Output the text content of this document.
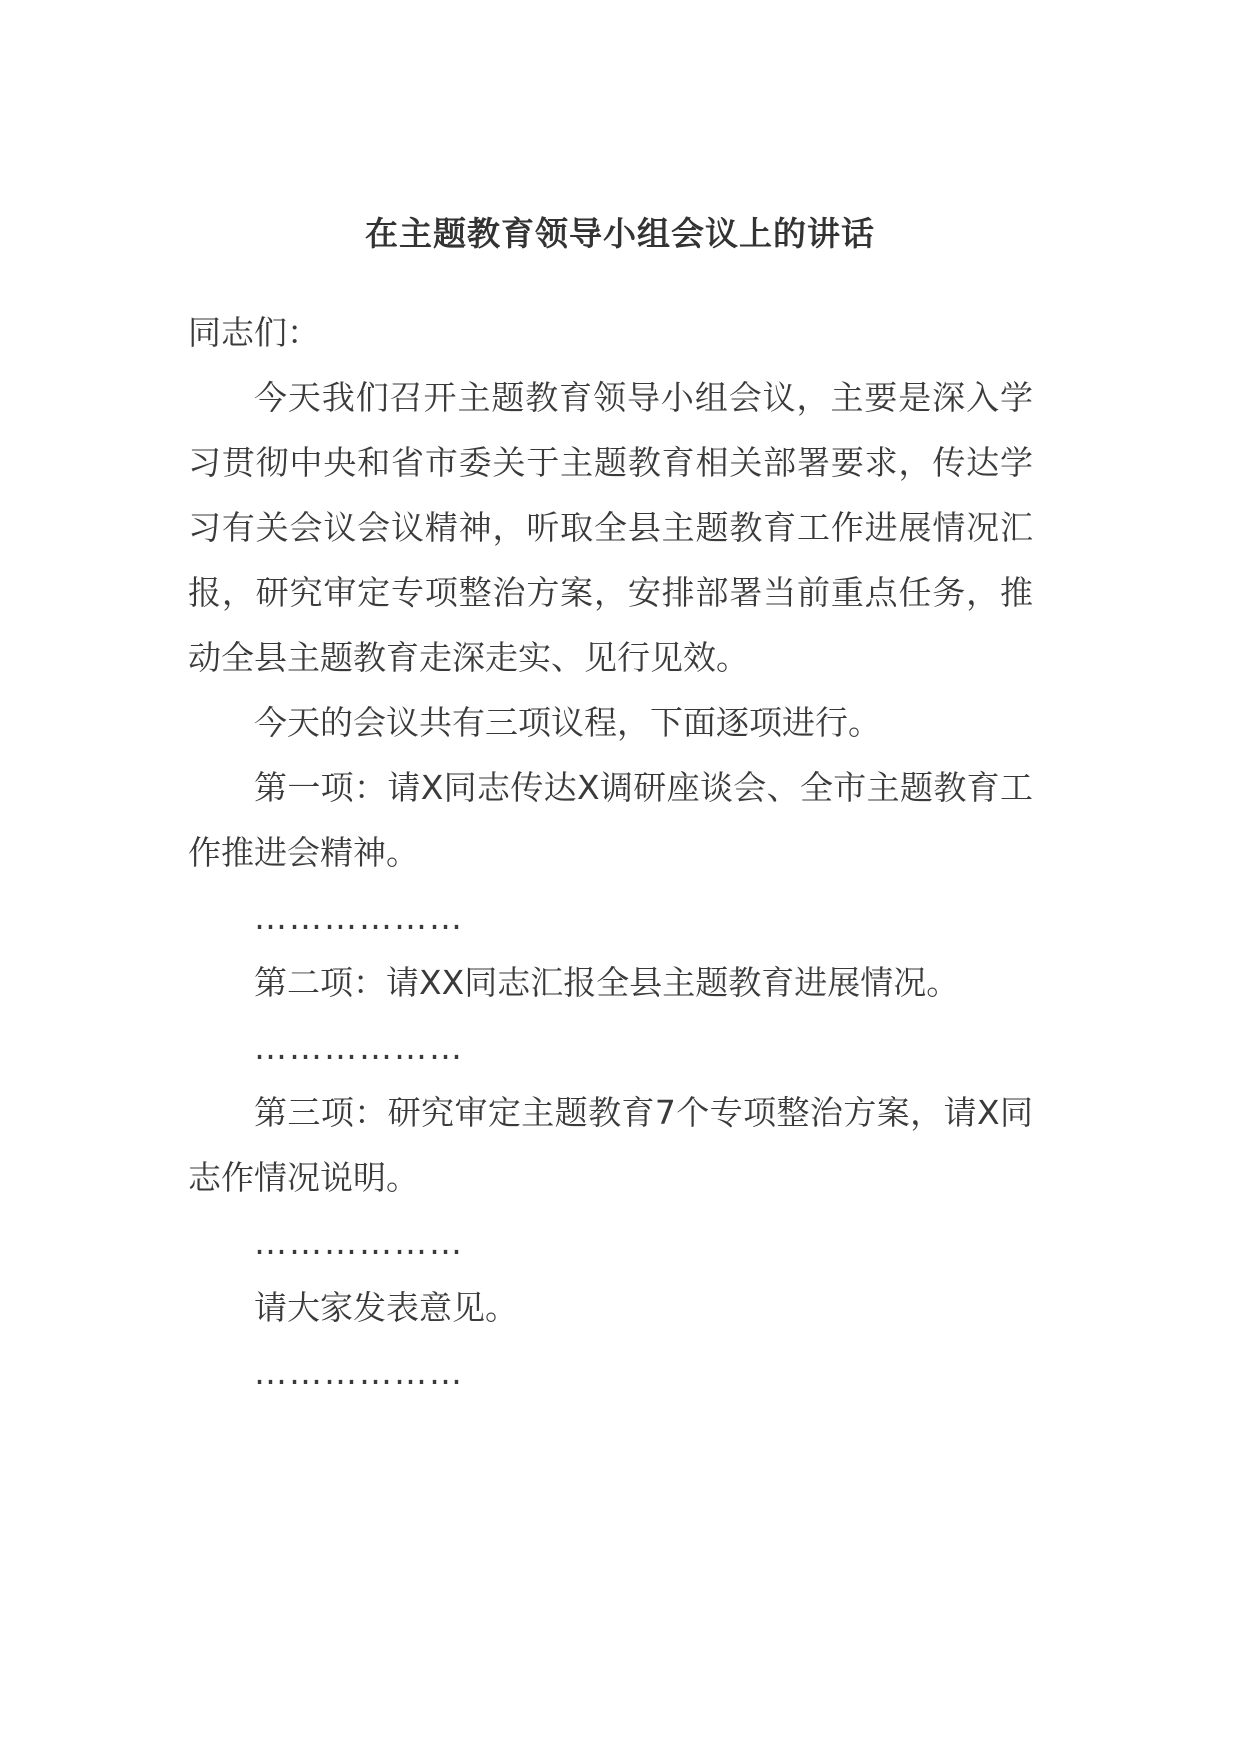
在主题教育领导小组会议上的讲话

同志们：

今天我们召开主题教育领导小组会议，主要是深入学习贯彻中央和省市委关于主题教育相关部署要求，传达学习有关会议会议精神，听取全县主题教育工作进展情况汇报，研究审定专项整治方案，安排部署当前重点任务，推动全县主题教育走深走实、见行见效。

今天的会议共有三项议程，下面逐项进行。

第一项：请X同志传达X调研座谈会、全市主题教育工作推进会精神。

………………

第二项：请XX同志汇报全县主题教育进展情况。

………………

第三项：研究审定主题教育7个专项整治方案，请X同志作情况说明。

………………

请大家发表意见。

………………
